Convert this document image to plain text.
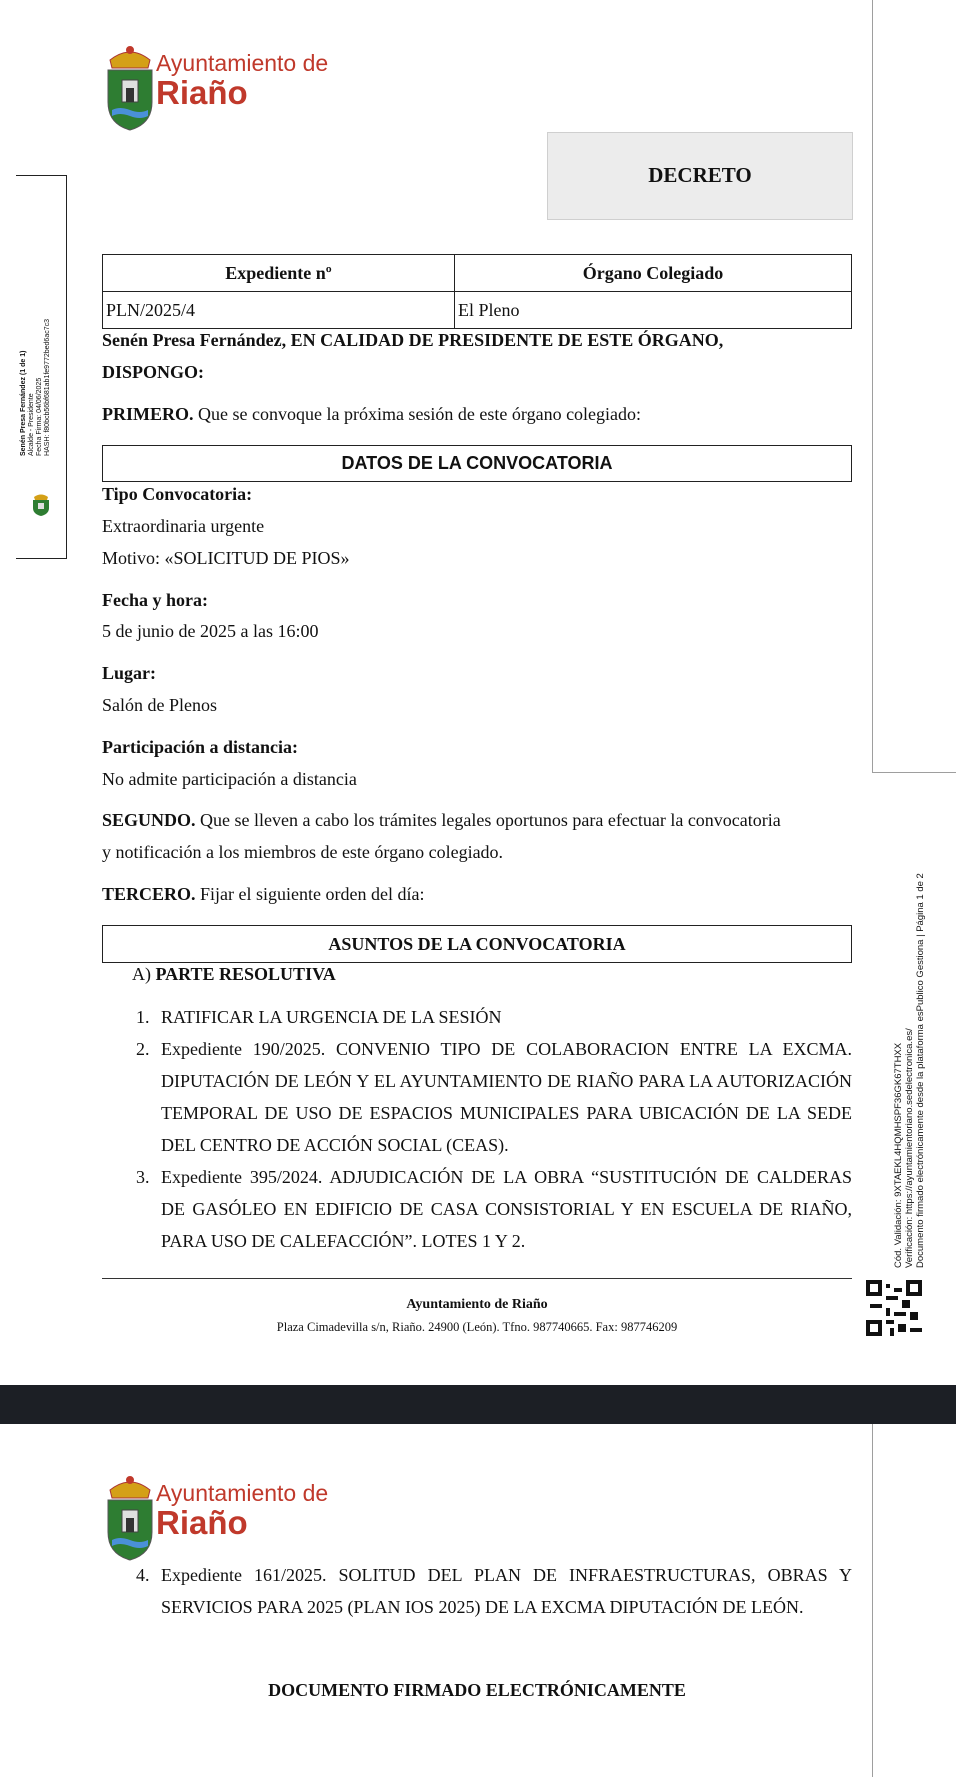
Ayuntamiento de
Riaño
DECRETO
Expediente nº	Órgano Colegiado
PLN/2025/4	El Pleno
Senén Presa Fernández, EN CALIDAD DE PRESIDENTE DE ESTE ÓRGANO,
DISPONGO:
PRIMERO. Que se convoque la próxima sesión de este órgano colegiado:
DATOS DE LA CONVOCATORIA
Tipo Convocatoria:
Extraordinaria urgente
Motivo: «SOLICITUD DE PIOS»
Fecha y hora:
5 de junio de 2025 a las 16:00
Lugar:
Salón de Plenos
Participación a distancia:
No admite participación a distancia
SEGUNDO. Que se lleven a cabo los trámites legales oportunos para efectuar la convocatoria
y notificación a los miembros de este órgano colegiado.
TERCERO. Fijar el siguiente orden del día:
ASUNTOS DE LA CONVOCATORIA
A) PARTE RESOLUTIVA
1. RATIFICAR LA URGENCIA DE LA SESIÓN
2. Expediente 190/2025. CONVENIO TIPO DE COLABORACION ENTRE LA EXCMA. DIPUTACIÓN DE LEÓN Y EL AYUNTAMIENTO DE RIAÑO PARA LA AUTORIZACIÓN TEMPORAL DE USO DE ESPACIOS MUNICIPALES PARA UBICACIÓN DE LA SEDE DEL CENTRO DE ACCIÓN SOCIAL (CEAS).
3. Expediente 395/2024. ADJUDICACIÓN DE LA OBRA “SUSTITUCIÓN DE CALDERAS DE GASÓLEO EN EDIFICIO DE CASA CONSISTORIAL Y EN ESCUELA DE RIAÑO, PARA USO DE CALEFACCIÓN”. LOTES 1 Y 2.
Ayuntamiento de Riaño
Plaza Cimadevilla s/n, Riaño. 24900 (León). Tfno. 987740665. Fax: 987746209
Cód. Validación: 9XTAEKL4HQMHSPF36GK67THXX Verificación: https://ayuntamientoriano.sedelectronica.es/ Documento firmado electrónicamente desde la plataforma esPublico Gestiona | Página 1 de 2
Senén Presa Fernández (1 de 1) Alcalde - Presidente Fecha Firma: 04/06/2025 HASH: f80bcb56bf681ab1fe9772bed6ac7c3
Ayuntamiento de
Riaño
4. Expediente 161/2025. SOLITUD DEL PLAN DE INFRAESTRUCTURAS, OBRAS Y SERVICIOS PARA 2025 (PLAN IOS 2025) DE LA EXCMA DIPUTACIÓN DE LEÓN.
DOCUMENTO FIRMADO ELECTRÓNICAMENTE
